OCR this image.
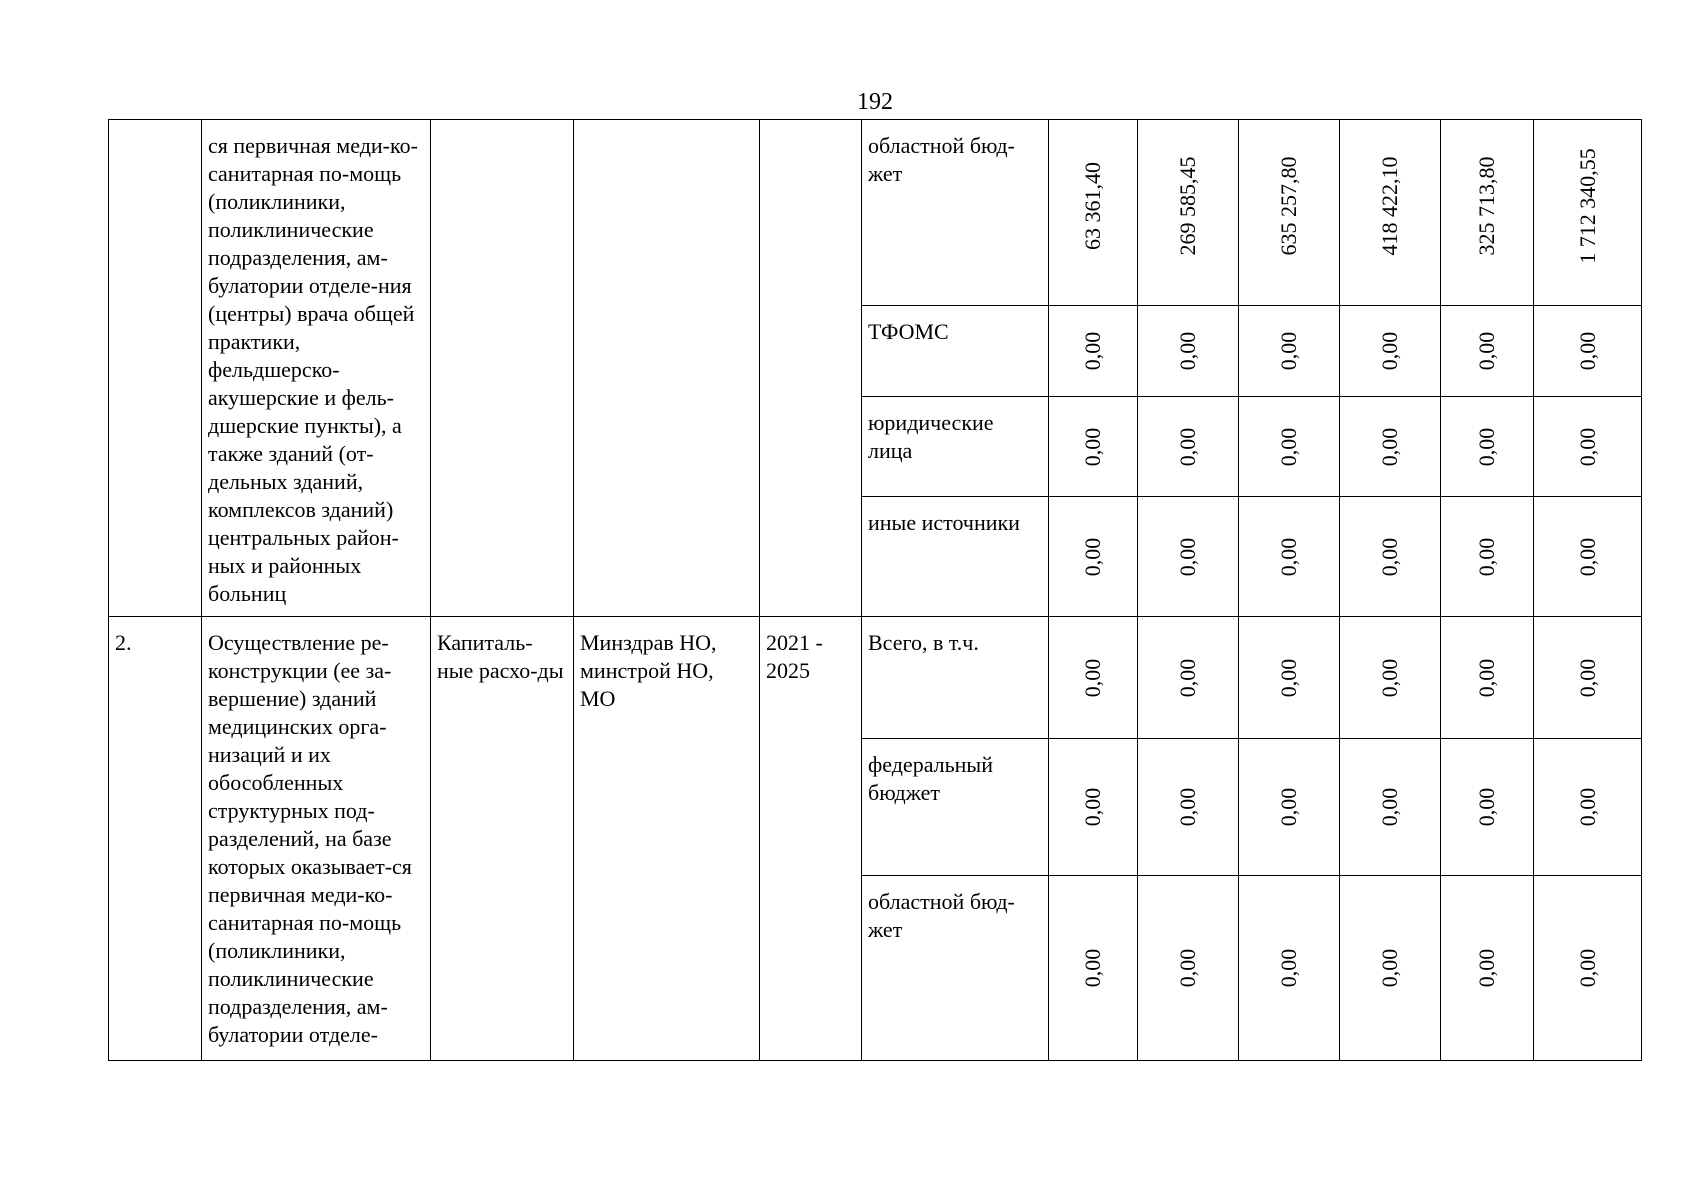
192
	ся первичная меди-ко-санитарная по-мощь (поликлиники, поликлинические подразделения, ам-булатории отделе-ния (центры) врача общей практики, фельдшерско-акушерские и фель-дшерские пункты), а также зданий (от-дельных зданий, комплексов зданий) центральных район-ных и районных больниц				областной бюд-жет	63 361,40	269 585,45	635 257,80	418 422,10	325 713,80	1 712 340,55

					ТФОМС	0,00	0,00	0,00	0,00	0,00	0,00

					юридические лица	0,00	0,00	0,00	0,00	0,00	0,00

					иные источники	0,00	0,00	0,00	0,00	0,00	0,00

2.	Осуществление ре-конструкции (ее за-вершение) зданий медицинских орга-низаций и их обособленных структурных под-разделений, на базе которых оказывает-ся первичная меди-ко-санитарная по-мощь (поликлиники, поликлинические подразделения, ам-булатории отделе-	Капиталь-ные расхо-ды	Минздрав НО, минстрой НО, МО	2021 - 2025	Всего, в т.ч.	0,00	0,00	0,00	0,00	0,00	0,00

					федеральный бюджет	0,00	0,00	0,00	0,00	0,00	0,00

					областной бюд-жет	0,00	0,00	0,00	0,00	0,00	0,00
